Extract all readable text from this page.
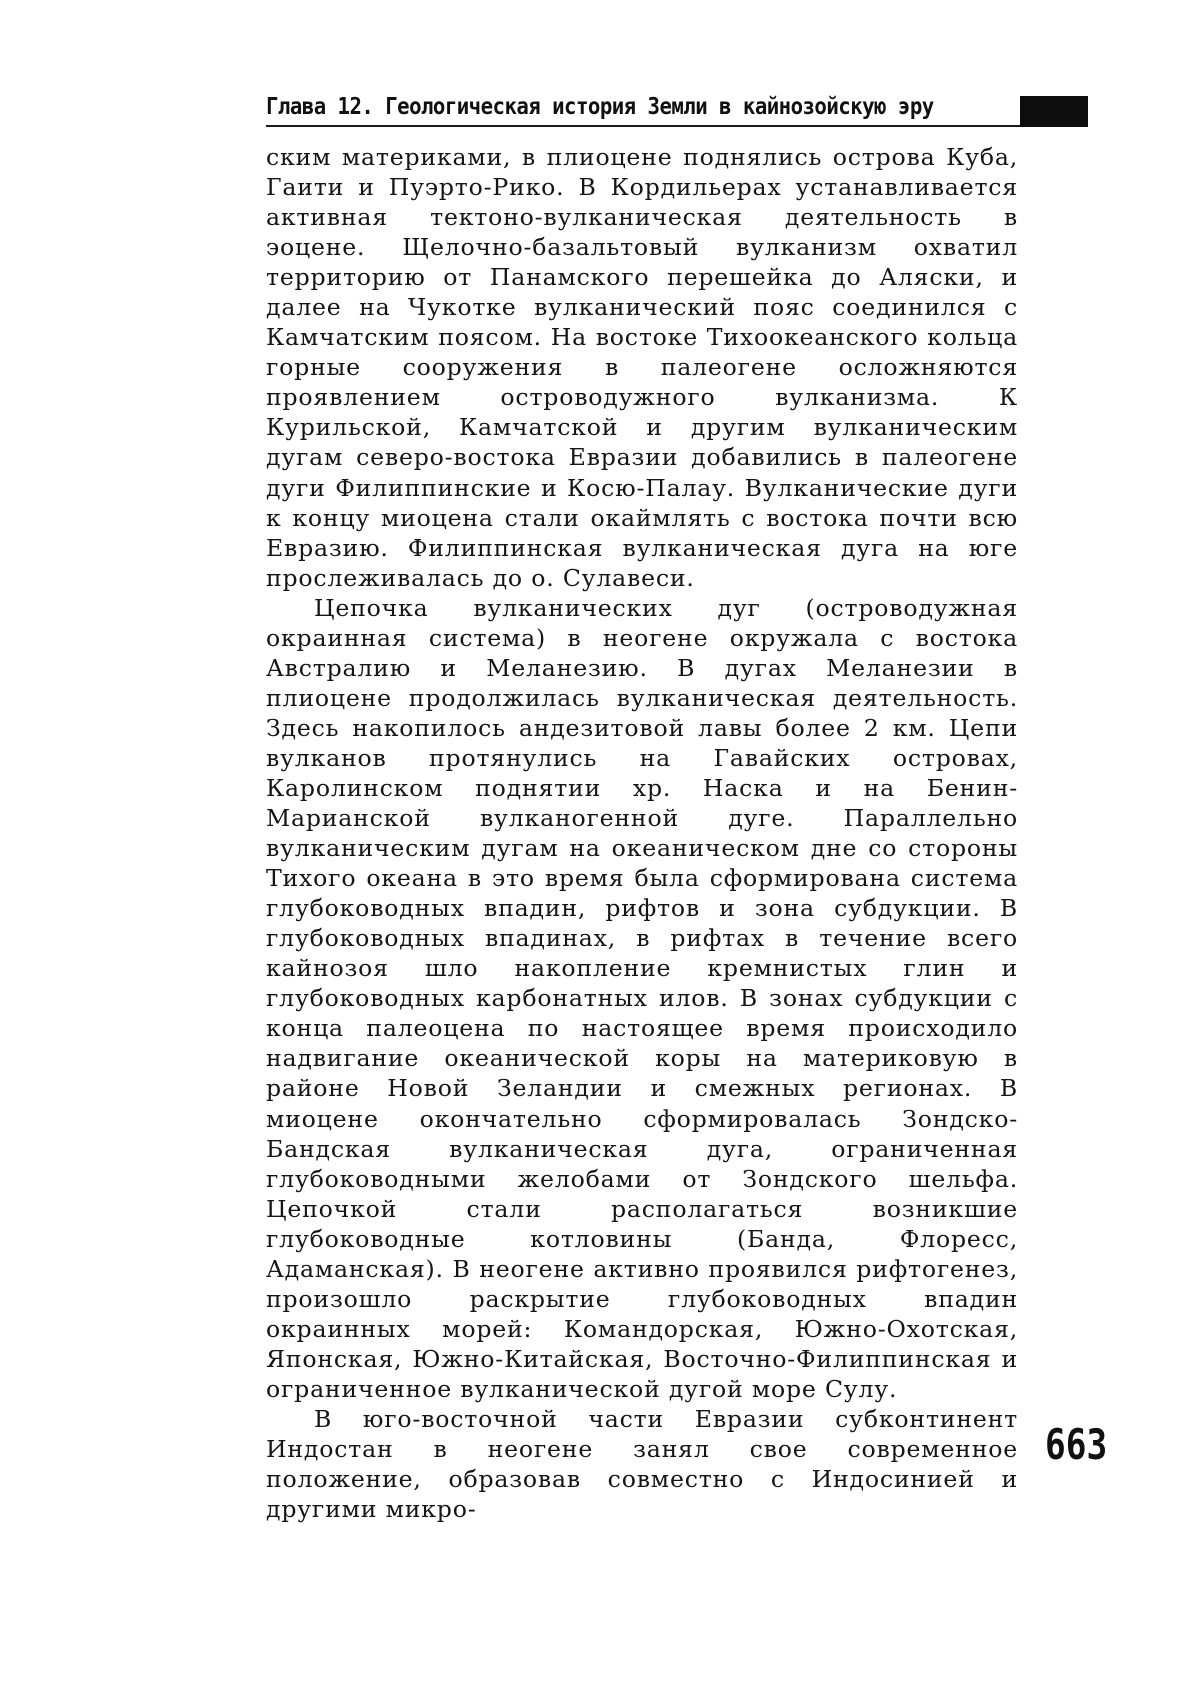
Глава 12. Геологическая история Земли в кайнозойскую эру

ским материками, в плиоцене поднялись острова Куба, Гаити и Пуэрто-Рико. В Кордильерах устанавливается активная тектоно-вулканическая деятельность в эоцене. Щелочно-базальтовый вулканизм охватил территорию от Панамского перешейка до Аляски, и далее на Чукотке вулканический пояс соединился с Камчатским поясом. На востоке Тихоокеанского кольца горные сооружения в палеогене осложняются проявлением островодужного вулканизма. К Курильской, Камчатской и другим вулканическим дугам северо-востока Евразии добавились в палеогене дуги Филиппинские и Косю-Палау. Вулканические дуги к концу миоцена стали окаймлять с востока почти всю Евразию. Филиппинская вулканическая дуга на юге прослеживалась до о. Сулавеси.

Цепочка вулканических дуг (островодужная окраинная система) в неогене окружала с востока Австралию и Меланезию. В дугах Меланезии в плиоцене продолжилась вулканическая деятельность. Здесь накопилось андезитовой лавы более 2 км. Цепи вулканов протянулись на Гавайских островах, Каролинском поднятии хр. Наска и на Бенин-Марианской вулканогенной дуге. Параллельно вулканическим дугам на океаническом дне со стороны Тихого океана в это время была сформирована система глубоководных впадин, рифтов и зона субдукции. В глубоководных впадинах, в рифтах в течение всего кайнозоя шло накопление кремнистых глин и глубоководных карбонатных илов. В зонах субдукции с конца палеоцена по настоящее время происходило надвигание океанической коры на материковую в районе Новой Зеландии и смежных регионах. В миоцене окончательно сформировалась Зондско-Бандская вулканическая дуга, ограниченная глубоководными желобами от Зондского шельфа. Цепочкой стали располагаться возникшие глубоководные котловины (Банда, Флоресс, Адаманская). В неогене активно проявился рифтогенез, произошло раскрытие глубоководных впадин окраинных морей: Командорская, Южно-Охотская, Японская, Южно-Китайская, Восточно-Филиппинская и ограниченное вулканической дугой море Сулу.

В юго-восточной части Евразии субконтинент Индостан в неогене занял свое современное положение, образовав совместно с Индосинией и другими микро-

663
